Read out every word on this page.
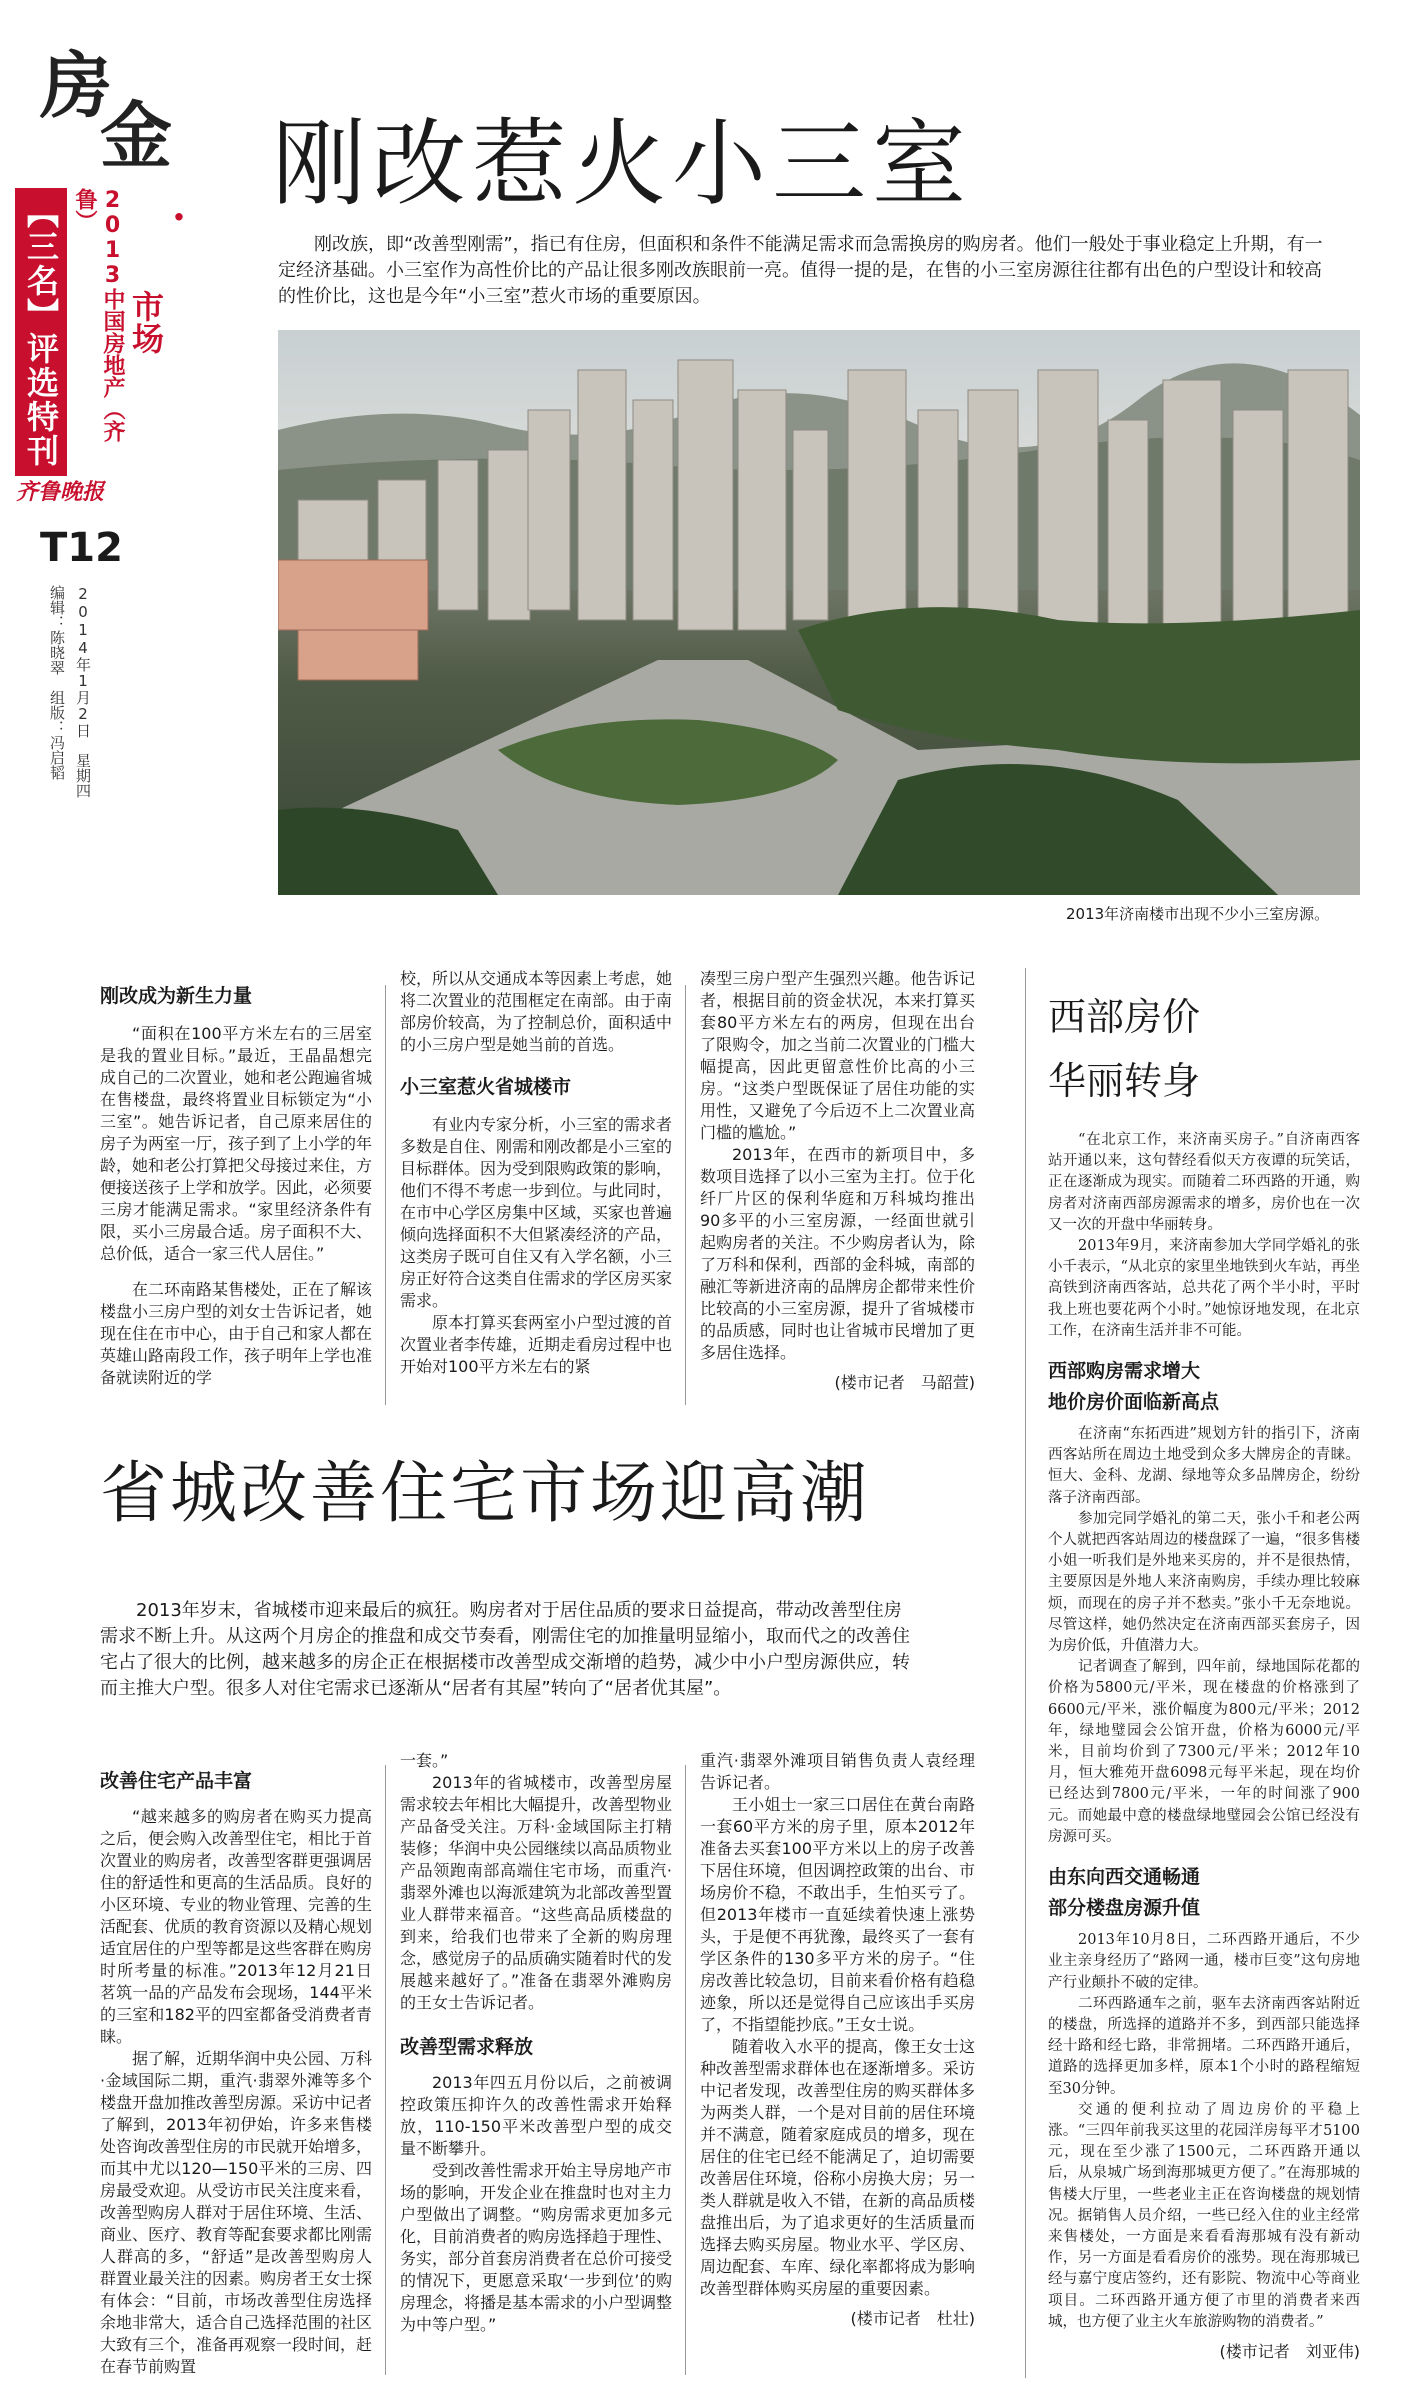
房
金
·
【三名】评选特刊	2013中国房地产（齐鲁）
市场
齐鲁晚报
T12
2014年1月2日　星期四
编辑：陈晓翠　组版：冯启韬
刚改惹火小三室
刚改族，即“改善型刚需”，指已有住房，但面积和条件不能满足需求而急需换房的购房者。他们一般处于事业稳定上升期，有一定经济基础。小三室作为高性价比的产品让很多刚改族眼前一亮。值得一提的是，在售的小三室房源往往都有出色的户型设计和较高的性价比，这也是今年“小三室”惹火市场的重要原因。
2013年济南楼市出现不少小三室房源。
刚改成为新生力量

“面积在100平方米左右的三居室是我的置业目标。”最近，王晶晶想完成自己的二次置业，她和老公跑遍省城在售楼盘，最终将置业目标锁定为“小三室”。她告诉记者，自己原来居住的房子为两室一厅，孩子到了上小学的年龄，她和老公打算把父母接过来住，方便接送孩子上学和放学。因此，必须要三房才能满足需求。“家里经济条件有限，买小三房最合适。房子面积不大、总价低，适合一家三代人居住。”

在二环南路某售楼处，正在了解该楼盘小三房户型的刘女士告诉记者，她现在住在市中心，由于自己和家人都在英雄山路南段工作，孩子明年上学也准备就读附近的学

校，所以从交通成本等因素上考虑，她将二次置业的范围框定在南部。由于南部房价较高，为了控制总价，面积适中的小三房户型是她当前的首选。

小三室惹火省城楼市

有业内专家分析，小三室的需求者多数是自住、刚需和刚改都是小三室的目标群体。因为受到限购政策的影响，他们不得不考虑一步到位。与此同时，在市中心学区房集中区域，买家也普遍倾向选择面积不大但紧凑经济的产品，这类房子既可自住又有入学名额，小三房正好符合这类自住需求的学区房买家需求。

原本打算买套两室小户型过渡的首次置业者李传雄，近期走看房过程中也开始对100平方米左右的紧

凑型三房户型产生强烈兴趣。他告诉记者，根据目前的资金状况，本来打算买套80平方米左右的两房，但现在出台了限购令，加之当前二次置业的门槛大幅提高，因此更留意性价比高的小三房。“这类户型既保证了居住功能的实用性，又避免了今后迈不上二次置业高门槛的尴尬。”

2013年，在西市的新项目中，多数项目选择了以小三室为主打。位于化纤厂片区的保利华庭和万科城均推出90多平的小三室房源，一经面世就引起购房者的关注。不少购房者认为，除了万科和保利，西部的金科城，南部的融汇等新进济南的品牌房企都带来性价比较高的小三室房源，提升了省城楼市的品质感，同时也让省城市民增加了更多居住选择。

(楼市记者　马韶萱)
省城改善住宅市场迎高潮
2013年岁末，省城楼市迎来最后的疯狂。购房者对于居住品质的要求日益提高，带动改善型住房需求不断上升。从这两个月房企的推盘和成交节奏看，刚需住宅的加推量明显缩小，取而代之的改善住宅占了很大的比例，越来越多的房企正在根据楼市改善型成交渐增的趋势，减少中小户型房源供应，转而主推大户型。很多人对住宅需求已逐渐从“居者有其屋”转向了“居者优其屋”。
改善住宅产品丰富

“越来越多的购房者在购买力提高之后，便会购入改善型住宅，相比于首次置业的购房者，改善型客群更强调居住的舒适性和更高的生活品质。良好的小区环境、专业的物业管理、完善的生活配套、优质的教育资源以及精心规划适宜居住的户型等都是这些客群在购房时所考量的标准。”2013年12月21日茗筑一品的产品发布会现场，144平米的三室和182平的四室都备受消费者青睐。

据了解，近期华润中央公园、万科·金域国际二期，重汽·翡翠外滩等多个楼盘开盘加推改善型房源。采访中记者了解到，2013年初伊始，许多来售楼处咨询改善型住房的市民就开始增多，而其中尤以120—150平米的三房、四房最受欢迎。从受访市民关注度来看，改善型购房人群对于居住环境、生活、商业、医疗、教育等配套要求都比刚需人群高的多，“舒适”是改善型购房人群置业最关注的因素。购房者王女士探有体会：“目前，市场改善型住房选择余地非常大，适合自己选择范围的社区大致有三个，准备再观察一段时间，赶在春节前购置

一套。”

2013年的省城楼市，改善型房屋需求较去年相比大幅提升，改善型物业产品备受关注。万科·金域国际主打精装修；华润中央公园继续以高品质物业产品领跑南部高端住宅市场，而重汽·翡翠外滩也以海派建筑为北部改善型置业人群带来福音。“这些高品质楼盘的到来，给我们也带来了全新的购房理念，感觉房子的品质确实随着时代的发展越来越好了。”准备在翡翠外滩购房的王女士告诉记者。

改善型需求释放

2013年四五月份以后，之前被调控政策压抑许久的改善性需求开始释放，110-150平米改善型户型的成交量不断攀升。

受到改善性需求开始主导房地产市场的影响，开发企业在推盘时也对主力户型做出了调整。“购房需求更加多元化，目前消费者的购房选择趋于理性、务实，部分首套房消费者在总价可接受的情况下，更愿意采取‘一步到位’的购房理念，将播是基本需求的小户型调整为中等户型。”

重汽·翡翠外滩项目销售负责人袁经理告诉记者。

王小姐士一家三口居住在黄台南路一套60平方米的房子里，原本2012年准备去买套100平方米以上的房子改善下居住环境，但因调控政策的出台、市场房价不稳，不敢出手，生怕买亏了。但2013年楼市一直延续着快速上涨势头，于是便不再犹豫，最终买了一套有学区条件的130多平方米的房子。“住房改善比较急切，目前来看价格有趋稳迹象，所以还是觉得自己应该出手买房了，不指望能抄底。”王女士说。

随着收入水平的提高，像王女士这种改善型需求群体也在逐渐增多。采访中记者发现，改善型住房的购买群体多为两类人群，一个是对目前的居住环境并不满意，随着家庭成员的增多，现在居住的住宅已经不能满足了，迫切需要改善居住环境，俗称小房换大房；另一类人群就是收入不错，在新的高品质楼盘推出后，为了追求更好的生活质量而选择去购买房屋。物业水平、学区房、周边配套、车库、绿化率都将成为影响改善型群体购买房屋的重要因素。

(楼市记者　杜壮)
西部房价
华丽转身

“在北京工作，来济南买房子。”自济南西客站开通以来，这句替经看似天方夜谭的玩笑话，正在逐渐成为现实。而随着二环西路的开通，购房者对济南西部房源需求的增多，房价也在一次又一次的开盘中华丽转身。

2013年9月，来济南参加大学同学婚礼的张小千表示，“从北京的家里坐地铁到火车站，再坐高铁到济南西客站，总共花了两个半小时，平时我上班也要花两个小时。”她惊讶地发现，在北京工作，在济南生活并非不可能。

西部购房需求增大
地价房价面临新高点

在济南“东拓西进”规划方针的指引下，济南西客站所在周边土地受到众多大牌房企的青睐。恒大、金科、龙湖、绿地等众多品牌房企，纷纷落子济南西部。

参加完同学婚礼的第二天，张小千和老公两个人就把西客站周边的楼盘踩了一遍，“很多售楼小姐一听我们是外地来买房的，并不是很热情，主要原因是外地人来济南购房，手续办理比较麻烦，而现在的房子并不愁卖。”张小千无奈地说。尽管这样，她仍然决定在济南西部买套房子，因为房价低，升值潜力大。

记者调查了解到，四年前，绿地国际花都的价格为5800元/平米，现在楼盘的价格涨到了6600元/平米，涨价幅度为800元/平米；2012年，绿地璧园会公馆开盘，价格为6000元/平米，目前均价到了7300元/平米；2012年10月，恒大雅苑开盘6098元每平米起，现在均价已经达到7800元/平米，一年的时间涨了900元。而她最中意的楼盘绿地璧园会公馆已经没有房源可买。

由东向西交通畅通
部分楼盘房源升值

2013年10月8日，二环西路开通后，不少业主亲身经历了“路网一通，楼市巨变”这句房地产行业颠扑不破的定律。

二环西路通车之前，驱车去济南西客站附近的楼盘，所选择的道路并不多，到西部只能选择经十路和经七路，非常拥堵。二环西路开通后，道路的选择更加多样，原本1个小时的路程缩短至30分钟。

交通的便利拉动了周边房价的平稳上涨。“三四年前我买这里的花园洋房每平才5100元，现在至少涨了1500元，二环西路开通以后，从泉城广场到海那城更方便了。”在海那城的售楼大厅里，一些老业主正在咨询楼盘的规划情况。据销售人员介绍，一些已经入住的业主经常来售楼处，一方面是来看看海那城有没有新动作，另一方面是看看房价的涨势。现在海那城已经与嘉宁度店签约，还有影院、物流中心等商业项目。二环西路开通方便了市里的消费者来西城，也方便了业主火车旅游购物的消费者。”

(楼市记者　刘亚伟)
